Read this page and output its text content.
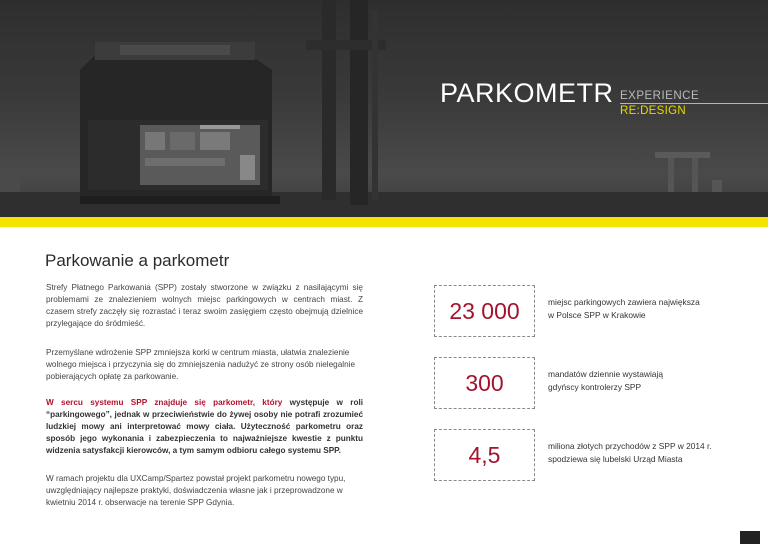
PARKOMETR EXPERIENCE
RE:DESIGN
Parkowanie a parkometr
Strefy Płatnego Parkowania (SPP) zostały stworzone w związku z nasilającymi się problemami ze znalezieniem wolnych miejsc parkingowych w centrach miast. Z czasem strefy zaczęły się rozrastać i teraz swoim zasięgiem często obejmują dzielnice przylegające do śródmieść.
Przemyślane wdrożenie SPP zmniejsza korki w centrum miasta, ułatwia znalezienie wolnego miejsca i przyczynia się do zmniejszenia nadużyć ze strony osób nielegalnie pobierających opłatę za parkowanie.
W sercu systemu SPP znajduje się parkometr, który występuje w roli “parkingowego”, jednak w przeciwieństwie do żywej osoby nie potrafi zrozumieć ludzkiej mowy ani interpretować mowy ciała. Użyteczność parkometru oraz sposób jego wykonania i zabezpieczenia to najważniejsze kwestie z punktu widzenia satysfakcji kierowców, a tym samym odbioru całego systemu SPP.
W ramach projektu dla UXCamp/Spartez powstał projekt parkometru nowego typu, uwzględniający najlepsze praktyki, doświadczenia własne jak i przeprowadzone w kwietniu 2014 r. obserwacje na terenie SPP Gdynia.
23 000	miejsc parkingowych zawiera największa
w Polsce SPP w Krakowie
300	mandatów dziennie wystawiają
gdyńscy kontrolerzy SPP
4,5	miliona złotych przychodów z SPP w 2014 r.
spodziewa się lubelski Urząd Miasta
